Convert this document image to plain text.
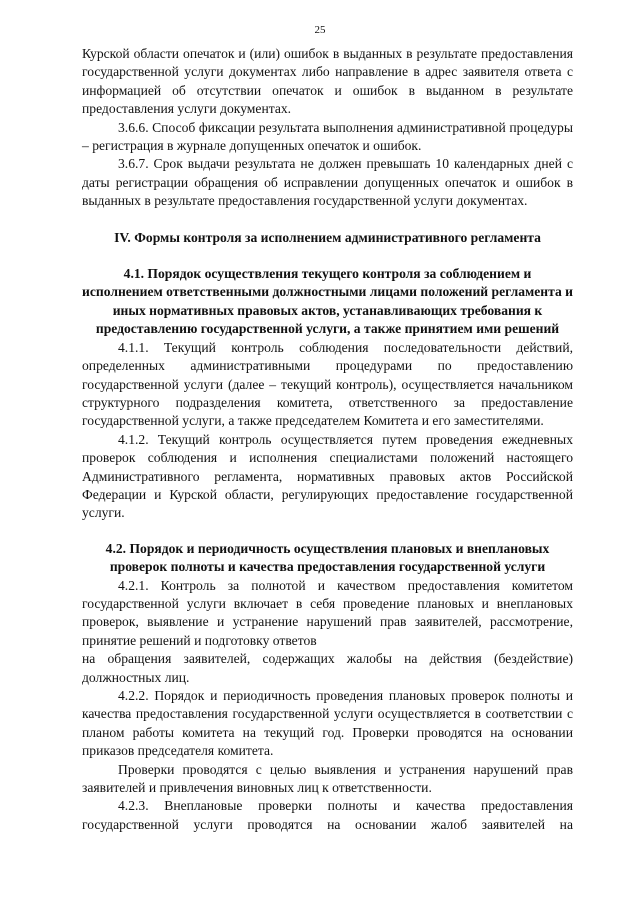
25

Курской области опечаток и (или) ошибок в выданных в результате предоставления государственной услуги документах либо направление в адрес заявителя ответа с информацией об отсутствии опечаток и ошибок в выданном в результате предоставления услуги документах.

3.6.6. Способ фиксации результата выполнения административной процедуры – регистрация в журнале допущенных опечаток и ошибок.

3.6.7. Срок выдачи результата не должен превышать 10 календарных дней с даты регистрации обращения об исправлении допущенных опечаток и ошибок в выданных в результате предоставления государственной услуги документах.

IV. Формы контроля за исполнением административного регламента
4.1. Порядок осуществления текущего контроля за соблюдением и исполнением ответственными должностными лицами положений регламента и иных нормативных правовых актов, устанавливающих требования к предоставлению государственной услуги, а также принятием ими решений

4.1.1. Текущий контроль соблюдения последовательности действий, определенных административными процедурами по предоставлению государственной услуги (далее – текущий контроль), осуществляется начальником структурного подразделения комитета, ответственного за предоставление государственной услуги, а также председателем Комитета и его заместителями.

4.1.2. Текущий контроль осуществляется путем проведения ежедневных проверок соблюдения и исполнения специалистами положений настоящего Административного регламента, нормативных правовых актов Российской Федерации и Курской области, регулирующих предоставление государственной услуги.

4.2. Порядок и периодичность осуществления плановых и внеплановых проверок полноты и качества предоставления государственной услуги

4.2.1. Контроль за полнотой и качеством предоставления комитетом государственной услуги включает в себя проведение плановых и внеплановых проверок, выявление и устранение нарушений прав заявителей, рассмотрение, принятие решений и подготовку ответов

на обращения заявителей, содержащих жалобы на действия (бездействие) должностных лиц.

4.2.2. Порядок и периодичность проведения плановых проверок полноты и качества предоставления государственной услуги осуществляется в соответствии с планом работы комитета на текущий год. Проверки проводятся на основании приказов председателя комитета.

Проверки проводятся с целью выявления и устранения нарушений прав заявителей и привлечения виновных лиц к ответственности.

4.2.3. Внеплановые проверки полноты и качества предоставления государственной услуги проводятся на основании жалоб заявителей на
